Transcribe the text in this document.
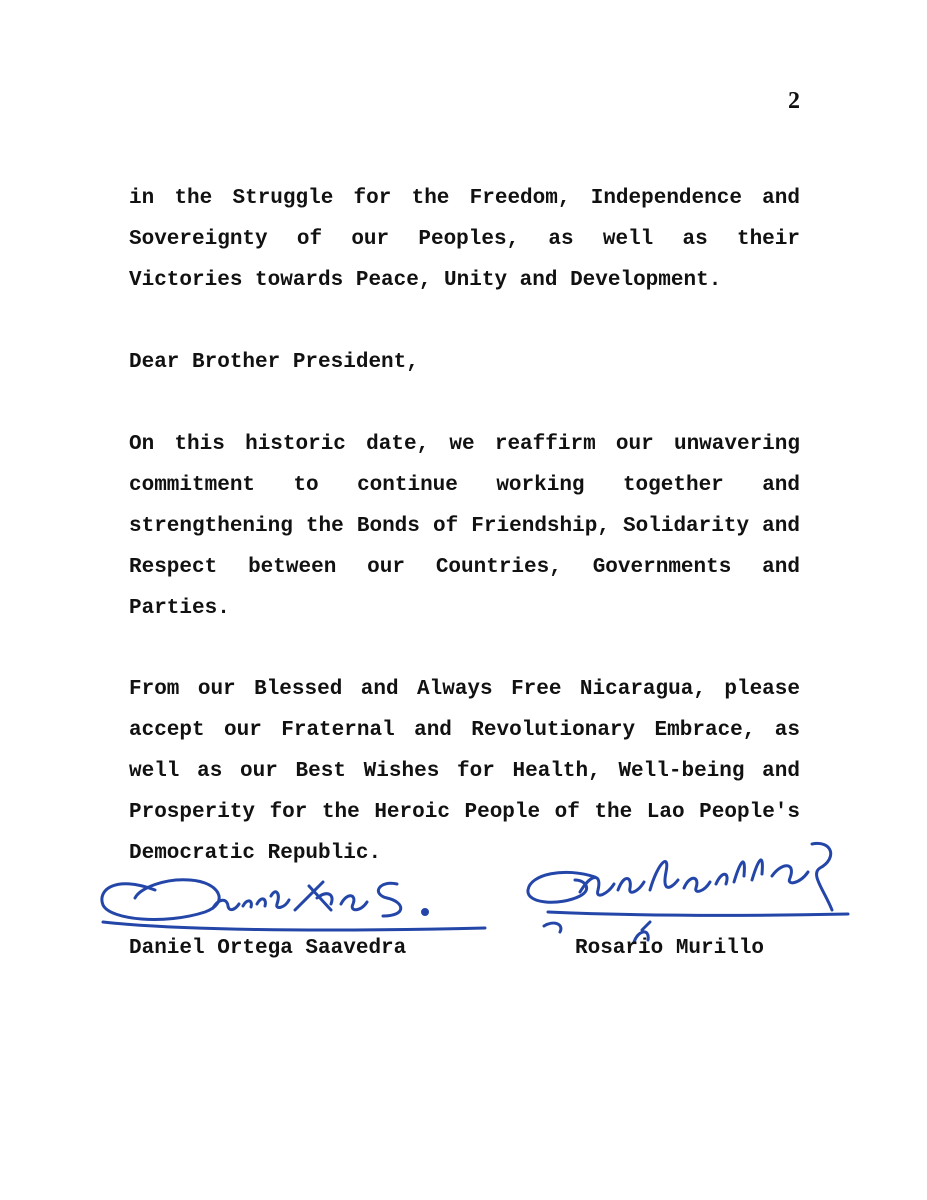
2

in the Struggle for the Freedom, Independence and Sovereignty of our Peoples, as well as their Victories towards Peace, Unity and Development.

Dear Brother President,

On this historic date, we reaffirm our unwavering commitment to continue working together and strengthening the Bonds of Friendship, Solidarity and Respect between our Countries, Governments and Parties.

From our Blessed and Always Free Nicaragua, please accept our Fraternal and Revolutionary Embrace, as well as our Best Wishes for Health, Well-being and Prosperity for the Heroic People of the Lao People's Democratic Republic.

Daniel Ortega Saavedra	Rosario Murillo
